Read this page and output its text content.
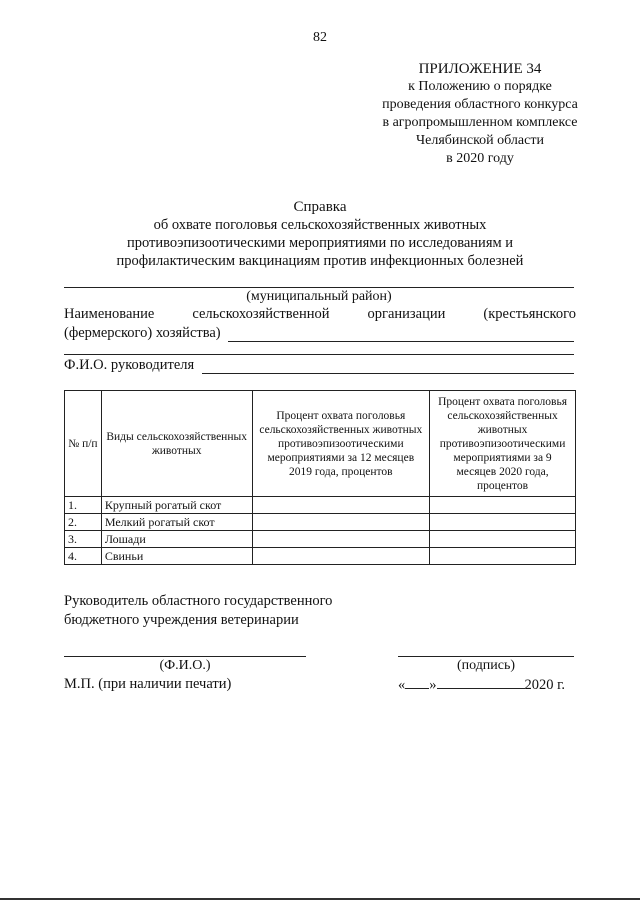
82
ПРИЛОЖЕНИЕ 34
к Положению о порядке
проведения областного конкурса
в агропромышленном комплексе
Челябинской области
в 2020 году
Справка
об охвате поголовья сельскохозяйственных животных
противоэпизоотическими мероприятиями по исследованиям и
профилактическим вакцинациям против инфекционных болезней
(муниципальный район)
Наименование	сельскохозяйственной	организации	(крестьянского
(фермерского) хозяйства)
Ф.И.О. руководителя
№ п/п	Виды сельскохозяйственных животных	Процент охвата поголовья сельскохозяйственных животных противоэпизоотическими мероприятиями за 12 месяцев 2019 года, процентов	Процент охвата поголовья сельскохозяйственных животных противоэпизоотическими мероприятиями за 9 месяцев 2020 года, процентов
1.	Крупный рогатый скот		
2.	Мелкий рогатый скот		
3.	Лошади		
4.	Свиньи		
Руководитель областного государственного
бюджетного учреждения ветеринарии
(Ф.И.О.)	(подпись)
М.П. (при наличии печати)	« »	2020 г.
